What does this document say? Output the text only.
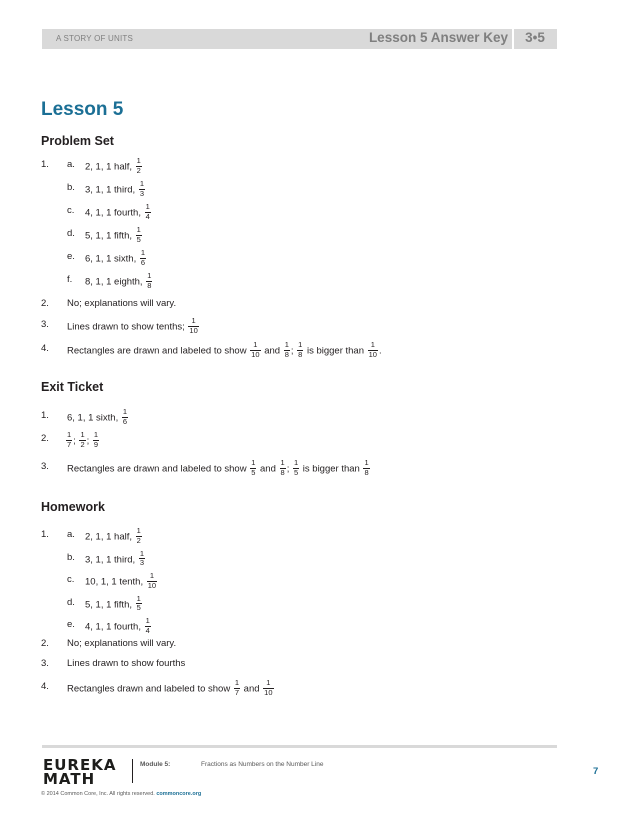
A STORY OF UNITS	Lesson 5 Answer Key	3•5
Lesson 5
Problem Set
1. a. 2, 1, 1 half, $\frac{1}{2}$
b. 3, 1, 1 third, $\frac{1}{3}$
c. 4, 1, 1 fourth, $\frac{1}{4}$
d. 5, 1, 1 fifth, $\frac{1}{5}$
e. 6, 1, 1 sixth, $\frac{1}{6}$
f. 8, 1, 1 eighth, $\frac{1}{8}$
2. No; explanations will vary.
3. Lines drawn to show tenths; $\frac{1}{10}$
4. Rectangles are drawn and labeled to show $\frac{1}{10}$ and $\frac{1}{8}$ ; $\frac{1}{8}$ is bigger than $\frac{1}{10}$ .
Exit Ticket
1. 6, 1, 1 sixth, $\frac{1}{6}$
2. $\frac{1}{7}$ ; $\frac{1}{2}$ ; $\frac{1}{9}$
3. Rectangles are drawn and labeled to show $\frac{1}{5}$ and $\frac{1}{8}$ ; $\frac{1}{5}$ is bigger than $\frac{1}{8}$
Homework
1. a. 2, 1, 1 half, $\frac{1}{2}$
b. 3, 1, 1 third, $\frac{1}{3}$
c. 10, 1, 1 tenth, $\frac{1}{10}$
d. 5, 1, 1 fifth, $\frac{1}{5}$
e. 4, 1, 1 fourth, $\frac{1}{4}$
2. No; explanations will vary.
3. Lines drawn to show fourths
4. Rectangles drawn and labeled to show $\frac{1}{7}$ and $\frac{1}{10}$
EUREKA
MATH
Module 5:	Fractions as Numbers on the Number Line
7
© 2014 Common Core, Inc. All rights reserved. commoncore.org
